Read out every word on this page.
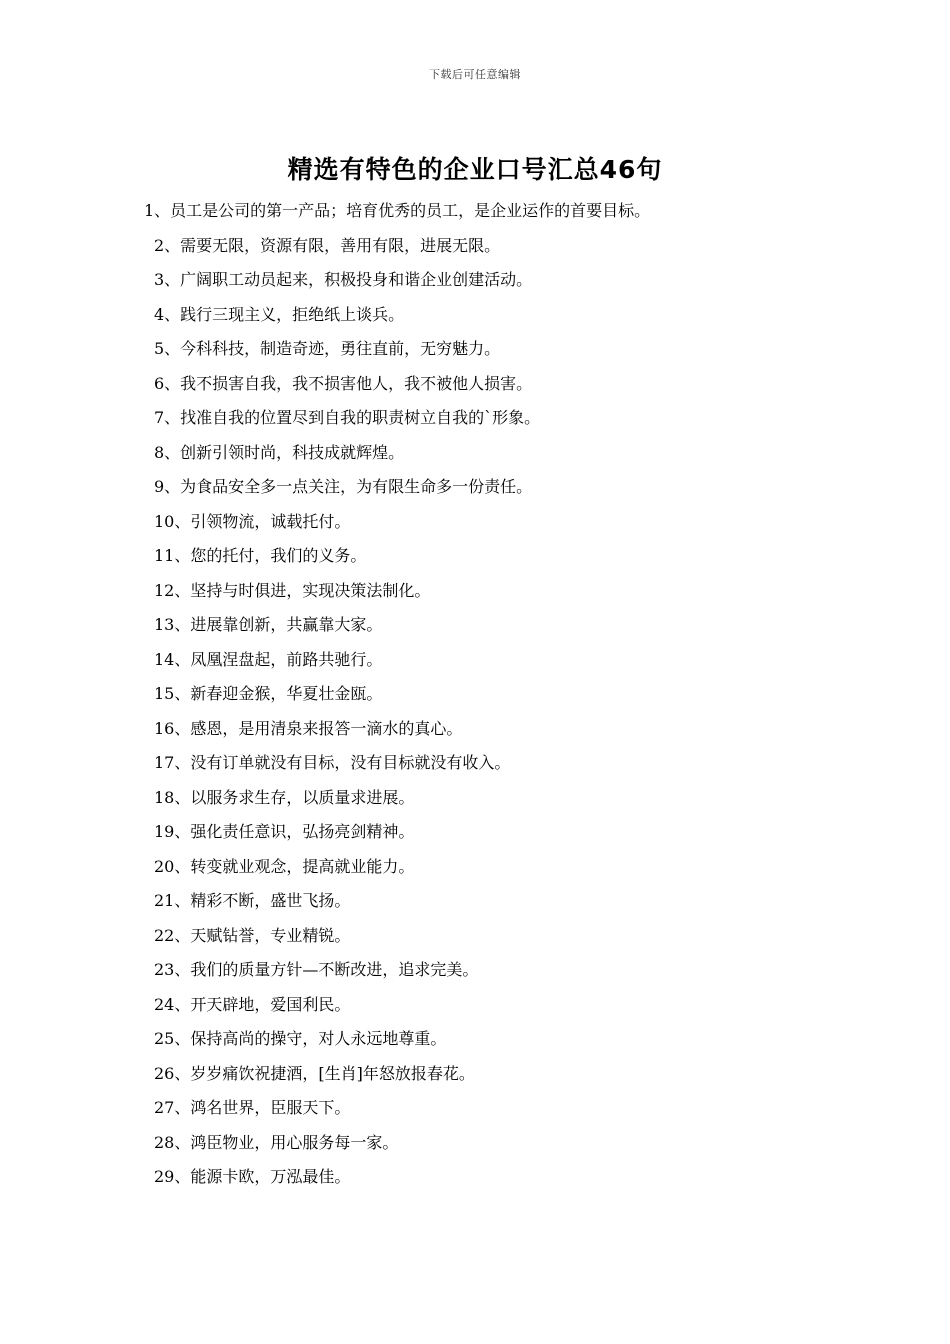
下载后可任意编辑
精选有特色的企业口号汇总46句
1、员工是公司的第一产品；培育优秀的员工，是企业运作的首要目标。
2、需要无限，资源有限，善用有限，进展无限。
3、广阔职工动员起来，积极投身和谐企业创建活动。
4、践行三现主义，拒绝纸上谈兵。
5、今科科技，制造奇迹，勇往直前，无穷魅力。
6、我不损害自我，我不损害他人，我不被他人损害。
7、找准自我的位置尽到自我的职责树立自我的`形象。
8、创新引领时尚，科技成就辉煌。
9、为食品安全多一点关注，为有限生命多一份责任。
10、引领物流，诚载托付。
11、您的托付，我们的义务。
12、坚持与时俱进，实现决策法制化。
13、进展靠创新，共赢靠大家。
14、凤凰涅盘起，前路共驰行。
15、新春迎金猴，华夏壮金瓯。
16、感恩，是用清泉来报答一滴水的真心。
17、没有订单就没有目标，没有目标就没有收入。
18、以服务求生存，以质量求进展。
19、强化责任意识，弘扬亮剑精神。
20、转变就业观念，提高就业能力。
21、精彩不断，盛世飞扬。
22、天赋钻誉，专业精锐。
23、我们的质量方针—不断改进，追求完美。
24、开天辟地，爱国利民。
25、保持高尚的操守，对人永远地尊重。
26、岁岁痛饮祝捷酒，[生肖]年怒放报春花。
27、鸿名世界，臣服天下。
28、鸿臣物业，用心服务每一家。
29、能源卡欧，万泓最佳。
